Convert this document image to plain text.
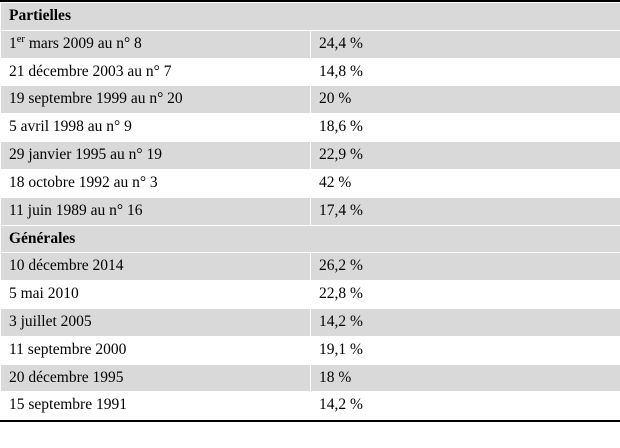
Partielles	
1er mars 2009 au n° 8	24,4 %
21 décembre 2003 au n° 7	14,8 %
19 septembre 1999 au n° 20	20 %
5 avril 1998 au n° 9	18,6 %
29 janvier 1995 au n° 19	22,9 %
18 octobre 1992 au n° 3	42 %
11 juin 1989 au n° 16	17,4 %
Générales	
10 décembre 2014	26,2 %
5 mai 2010	22,8 %
3 juillet 2005	14,2 %
11 septembre 2000	19,1 %
20 décembre 1995	18 %
15 septembre 1991	14,2 %
